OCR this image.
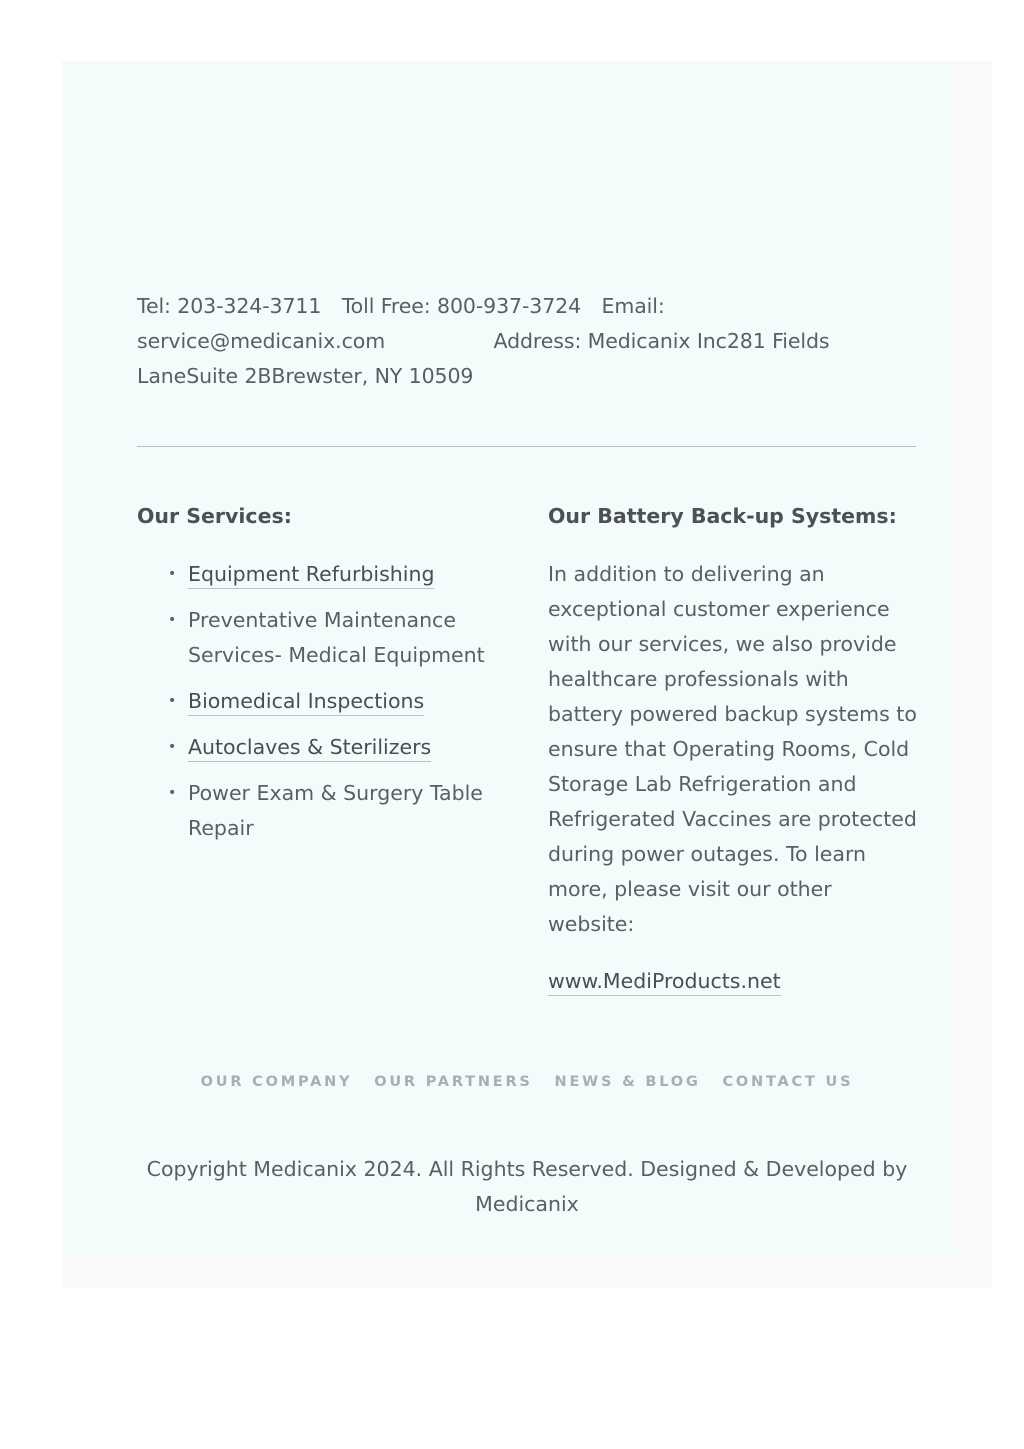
Tel: 203-324-3711 Toll Free: 800-937-3724 Email:
service@medicanix.com	Address: Medicanix Inc281 Fields
LaneSuite 2BBrewster, NY 10509
Our Services:
• Equipment Refurbishing
• Preventative Maintenance Services- Medical Equipment
• Biomedical Inspections
• Autoclaves & Sterilizers
• Power Exam & Surgery Table Repair
Our Battery Back-up Systems:

In addition to delivering an exceptional customer experience with our services, we also provide healthcare professionals with battery powered backup systems to ensure that Operating Rooms, Cold Storage Lab Refrigeration and Refrigerated Vaccines are protected during power outages. To learn more, please visit our other website:

www.MediProducts.net
OUR COMPANY OUR PARTNERS NEWS & BLOG CONTACT US
Copyright Medicanix 2024. All Rights Reserved. Designed & Developed by Medicanix
